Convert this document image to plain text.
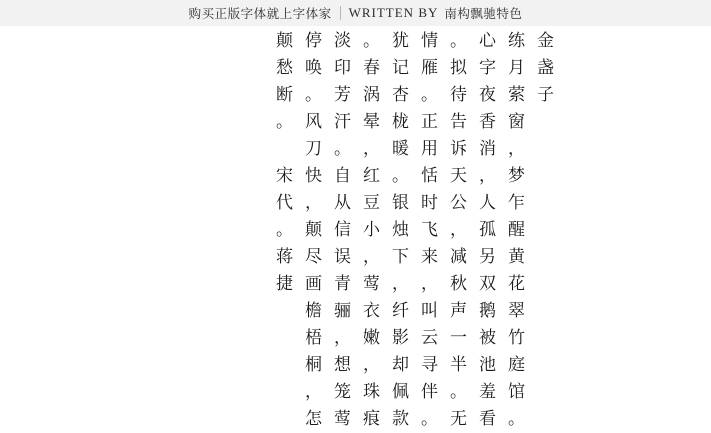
购买正版字体就上字体家 WRITTEN BY 南构飘驰特色
颠 停 淡 。 犹 情 。 心 练 金
愁 唤 印 春 记 雁 拟 字 月 盏
断 。 芳 涡 杏 。 待 夜 萦 子
。 风 汗 晕 栊 正 告 香 窗
刀 。 ， 暖 用 诉 消 ，
宋 快 自 红 。 恬 天 ， 梦
代 ， 从 豆 银 时 公 人 乍
。 颠 信 小 烛 飞 ， 孤 醒
蒋 尽 误 ， 下 来 减 另 黄
捷 画 青 莺 ， ， 秋 双 花
檐 骊 衣 纤 叫 声 鹅 翠
梧 ， 嫩 影 云 一 被 竹
桐 想 ， 却 寻 半 池 庭
， 笼 珠 佩 伴 。 羞 馆
怎 莺 痕 款 。 无 看 。
